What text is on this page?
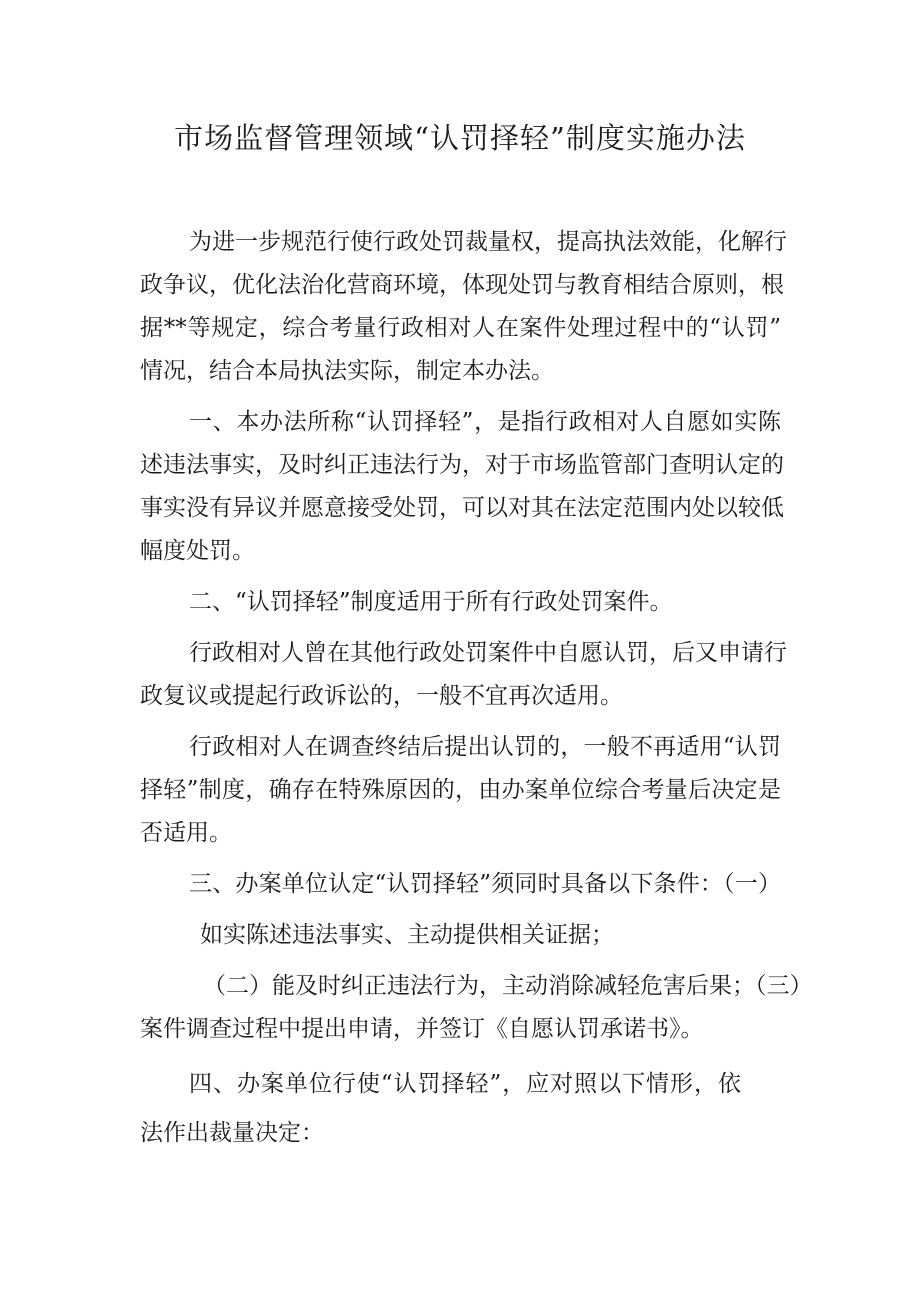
市场监督管理领域“认罚择轻”制度实施办法

为进一步规范行使行政处罚裁量权，提高执法效能，化解行

政争议，优化法治化营商环境，体现处罚与教育相结合原则，根

据**等规定，综合考量行政相对人在案件处理过程中的“认罚”

情况，结合本局执法实际，制定本办法。

一、本办法所称“认罚择轻”，是指行政相对人自愿如实陈

述违法事实，及时纠正违法行为，对于市场监管部门查明认定的

事实没有异议并愿意接受处罚，可以对其在法定范围内处以较低

幅度处罚。

二、“认罚择轻”制度适用于所有行政处罚案件。

行政相对人曾在其他行政处罚案件中自愿认罚，后又申请行

政复议或提起行政诉讼的，一般不宜再次适用。

行政相对人在调查终结后提出认罚的，一般不再适用“认罚

择轻”制度，确存在特殊原因的，由办案单位综合考量后决定是

否适用。

三、办案单位认定“认罚择轻”须同时具备以下条件：（一）

如实陈述违法事实、主动提供相关证据；

（二）能及时纠正违法行为，主动消除减轻危害后果；（三）

案件调查过程中提出申请，并签订《自愿认罚承诺书》。

四、办案单位行使“认罚择轻”，应对照以下情形，依

法作出裁量决定：
